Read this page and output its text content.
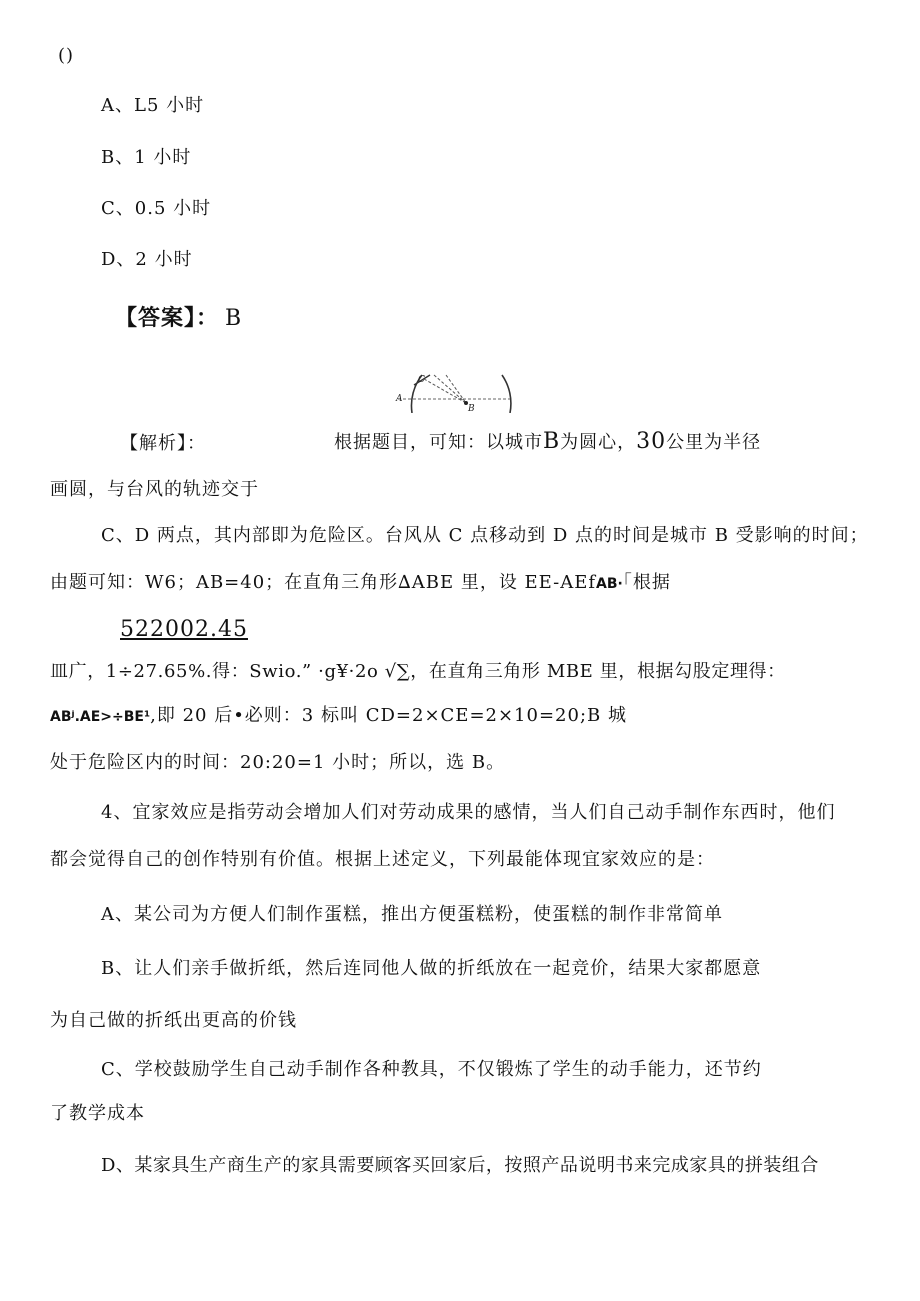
()
A、L5 小时
B、1 小时
C、0.5 小时
D、2 小时
【答案】： B
A
B
C
【解析】：	根据题目，可知：以城市B为圆心，30公里为半径
画圆，与台风的轨迹交于
C、D 两点，其内部即为危险区。台风从 C 点移动到 D 点的时间是城市 B 受影响的时间；
由题可知：W6；AB=40；在直角三角形∆ABE 里，设 EE-AEfAB·「根据
522002.45
皿广，1÷27.65%.得：Swio.” ·g¥·2o √∑，在直角三角形 MBE 里，根据勾股定理得：
ABʲ.AE>÷BE¹,即 20 后•必则：3 标叫 CD=2×CE=2×10=20;B 城
处于危险区内的时间：20:20=1 小时；所以，选 B。
4、宜家效应是指劳动会增加人们对劳动成果的感情，当人们自己动手制作东西时，他们
都会觉得自己的创作特别有价值。根据上述定义，下列最能体现宜家效应的是：
A、某公司为方便人们制作蛋糕，推出方便蛋糕粉，使蛋糕的制作非常简单
B、让人们亲手做折纸，然后连同他人做的折纸放在一起竞价，结果大家都愿意
为自己做的折纸出更高的价钱
C、学校鼓励学生自己动手制作各种教具，不仅锻炼了学生的动手能力，还节约
了教学成本
D、某家具生产商生产的家具需要顾客买回家后，按照产品说明书来完成家具的拼装组合
